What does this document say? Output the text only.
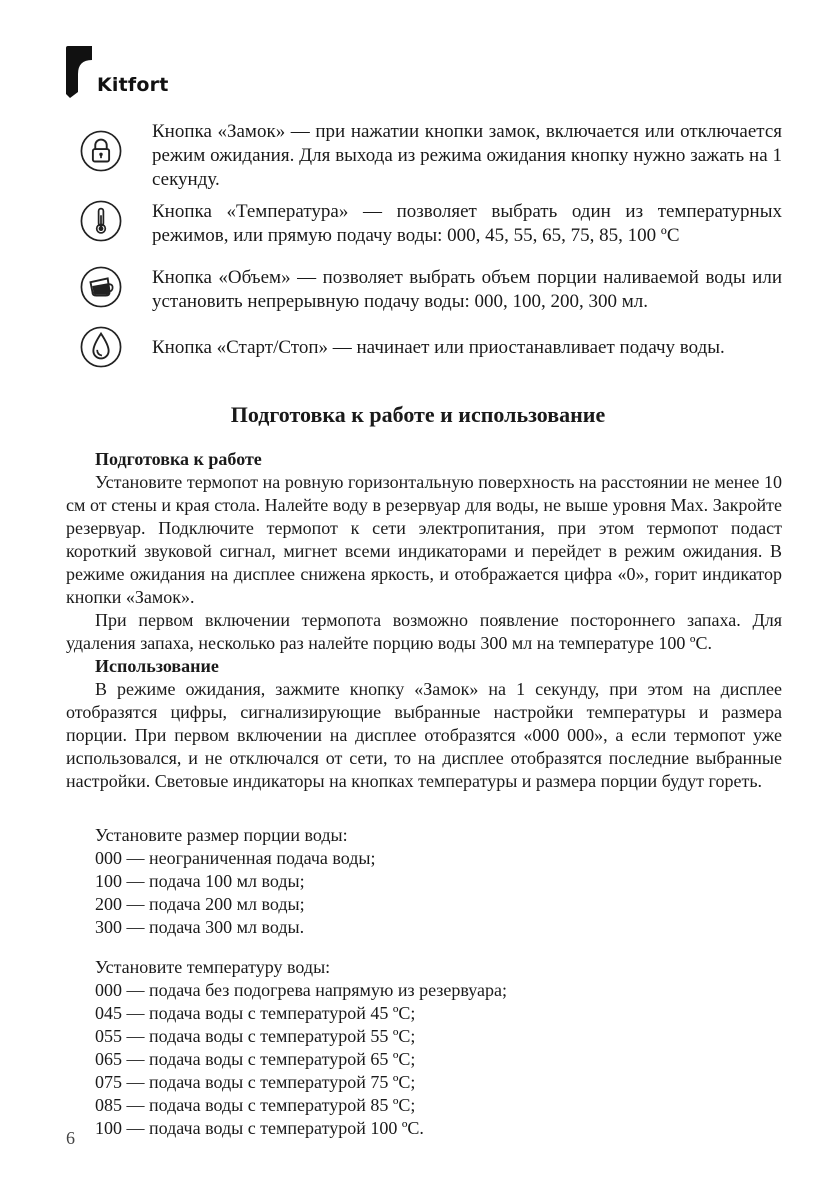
Kitfort
Кнопка «Замок» — при нажатии кнопки замок, включается или отключается режим ожидания. Для выхода из режима ожидания кнопку нужно зажать на 1 секунду.
Кнопка «Температура» — позволяет выбрать один из температурных режимов, или прямую подачу воды: 000, 45, 55, 65, 75, 85, 100 ºС
Кнопка «Объем» — позволяет выбрать объем порции наливаемой воды или установить непрерывную подачу воды: 000, 100, 200, 300 мл.
Кнопка «Старт/Стоп» — начинает или приостанавливает подачу воды.
Подготовка к работе и использование
Подготовка к работе
Установите термопот на ровную горизонтальную поверхность на расстоянии не менее 10 см от стены и края стола. Налейте воду в резервуар для воды, не выше уровня Max. Закройте резервуар. Подключите термопот к сети электропитания, при этом термопот подаст короткий звуковой сигнал, мигнет всеми индикаторами и перейдет в режим ожидания. В режиме ожидания на дисплее снижена яркость, и отображается цифра «0», горит индикатор кнопки «Замок».
При первом включении термопота возможно появление постороннего запаха. Для удаления запаха, несколько раз налейте порцию воды 300 мл на температуре 100 ºС.
Использование
В режиме ожидания, зажмите кнопку «Замок» на 1 секунду, при этом на дисплее отобразятся цифры, сигнализирующие выбранные настройки температуры и размера порции. При первом включении на дисплее отобразятся «000 000», а если термопот уже использовался, и не отключался от сети, то на дисплее отобразятся последние выбранные настройки. Световые индикаторы на кнопках температуры и размера порции будут гореть.
Установите размер порции воды:
000 — неограниченная подача воды;
100 — подача 100 мл воды;
200 — подача 200 мл воды;
300 — подача 300 мл воды.
Установите температуру воды:
000 — подача без подогрева напрямую из резервуара;
045 — подача воды с температурой 45 ºС;
055 — подача воды с температурой 55 ºС;
065 — подача воды с температурой 65 ºС;
075 — подача воды с температурой 75 ºС;
085 — подача воды с температурой 85 ºС;
100 — подача воды с температурой 100 ºС.
6
